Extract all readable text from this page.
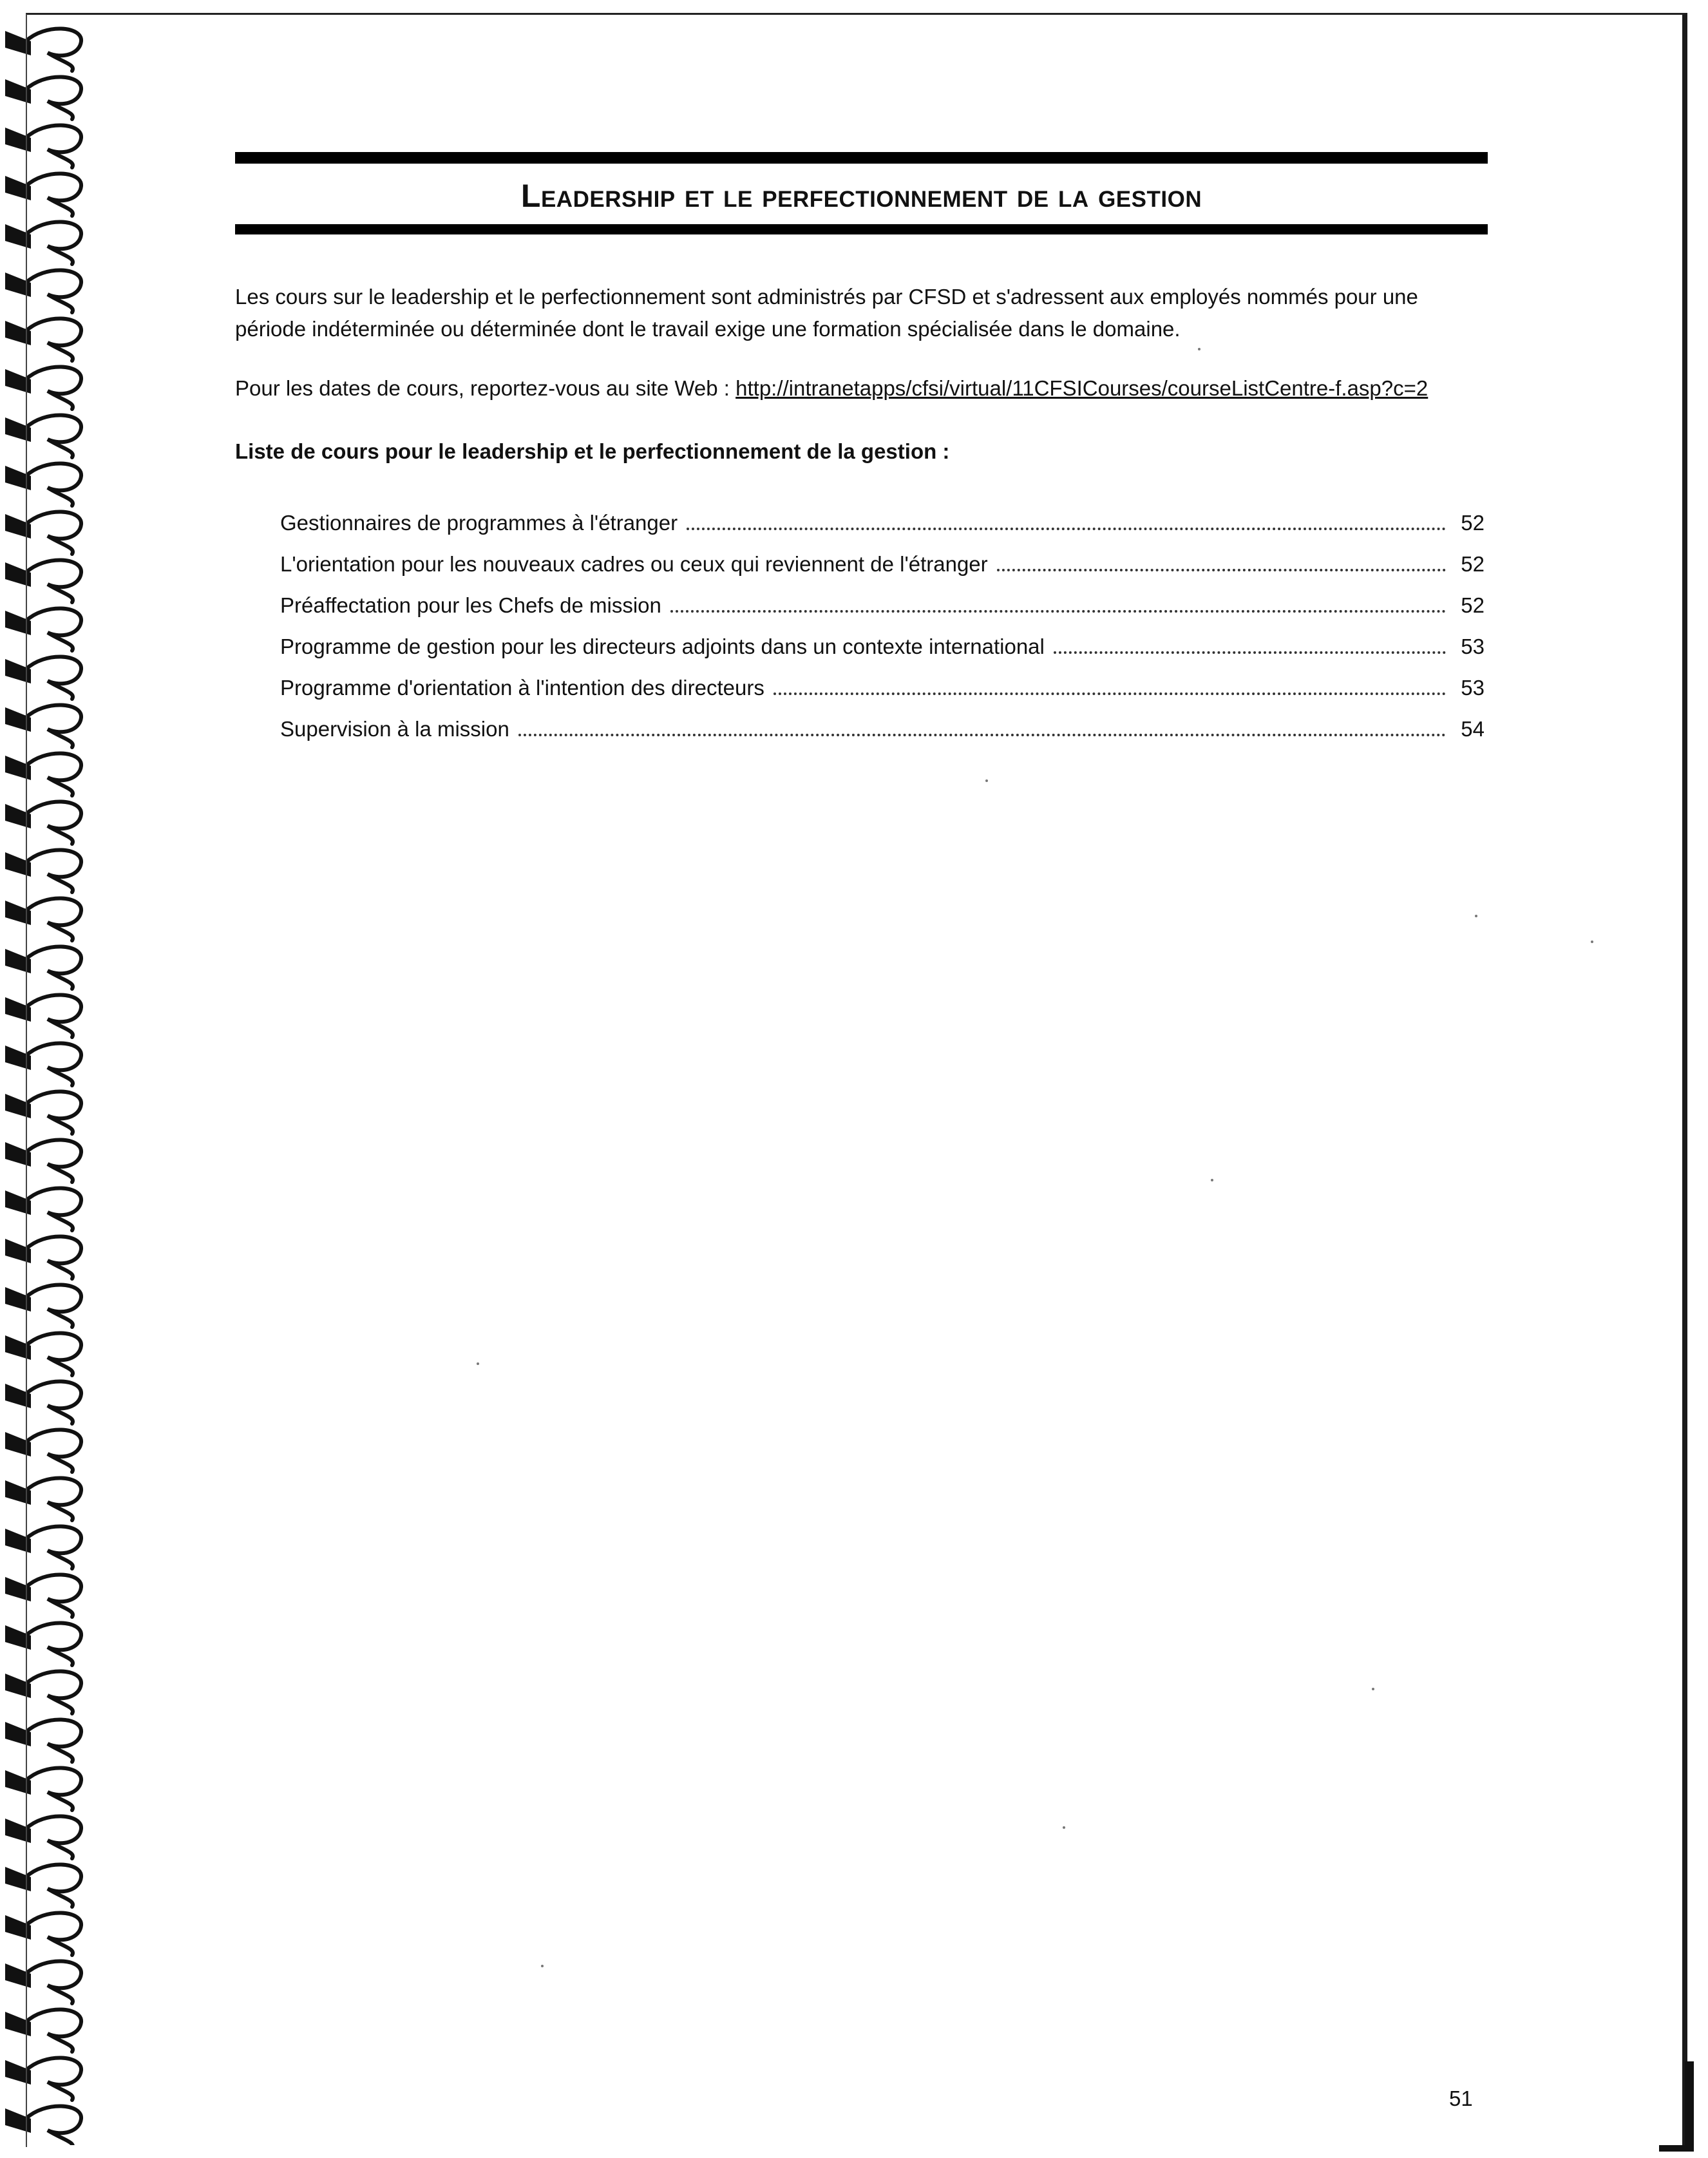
Leadership et le perfectionnement de la gestion
Les cours sur le leadership et le perfectionnement sont administrés par CFSD et s'adressent aux employés nommés pour une période indéterminée ou déterminée dont le travail exige une formation spécialisée dans le domaine.
Pour les dates de cours, reportez-vous au site Web : http://intranetapps/cfsi/virtual/11CFSICourses/courseListCentre-f.asp?c=2
Liste de cours pour le leadership et le perfectionnement de la gestion :
Gestionnaires de programmes à l'étranger	52
L'orientation pour les nouveaux cadres ou ceux qui reviennent de l'étranger	52
Préaffectation pour les Chefs de mission	52
Programme de gestion pour les directeurs adjoints dans un contexte international	53
Programme d'orientation à l'intention des directeurs	53
Supervision à la mission	54
51
